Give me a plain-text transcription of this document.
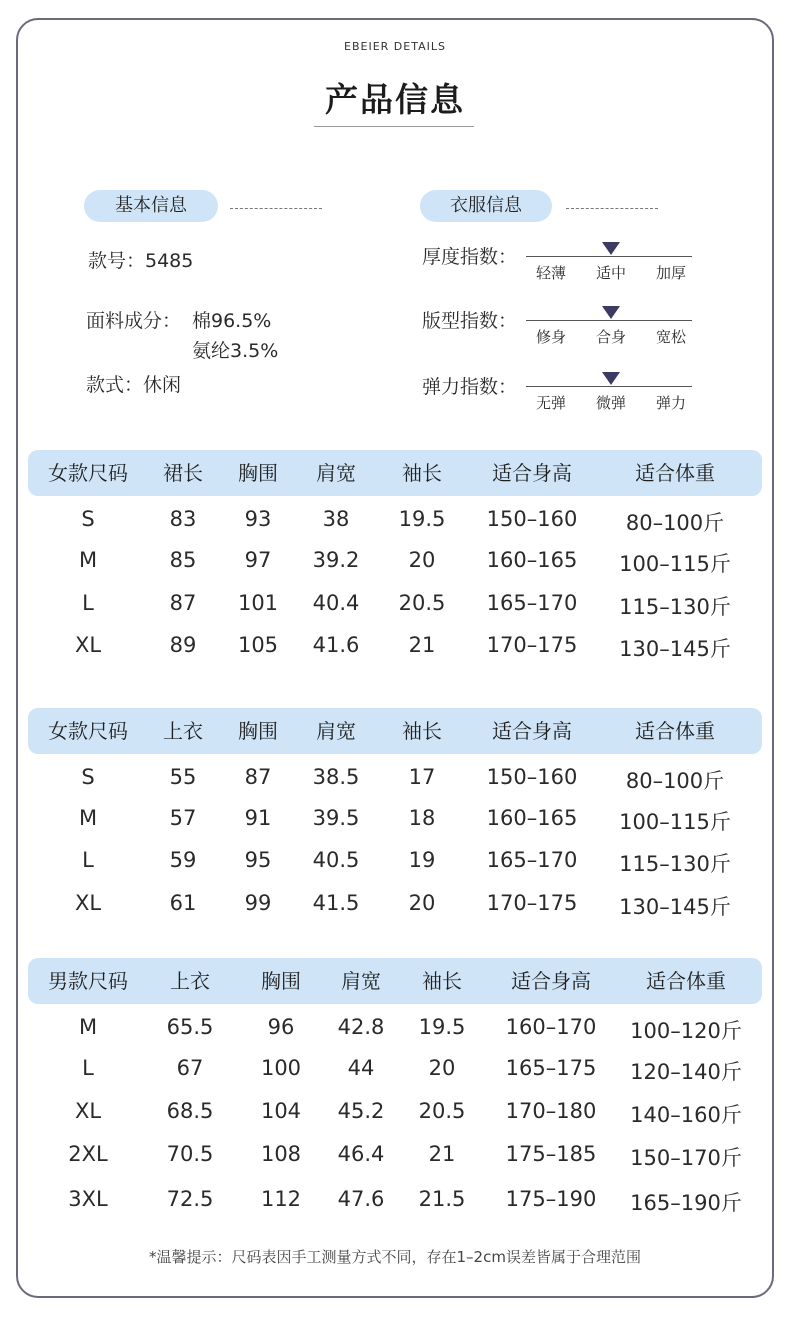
EBEIER DETAILS
产品信息
基本信息
款号：5485
面料成分： 棉96.5%
氨纶3.5%
款式：休闲
衣服信息
厚度指数：
轻薄	适中	加厚
版型指数：
修身	合身	宽松
弹力指数：
无弹	微弹	弹力
女款尺码 裙长 胸围 肩宽 袖长	适合身高	适合体重
S	83 93 38 19.5 150–160 80–100斤
M	85 97 39.2 20 160–165 100–115斤
L	87 101 40.4 20.5 165–170 115–130斤
XL	89 105 41.6 21 170–175 130–145斤
女款尺码 上衣 胸围 肩宽 袖长	适合身高	适合体重
S	55 87 38.5 17 150–160 80–100斤
M	57 91 39.5 18 160–165 100–115斤
L	59 95 40.5 19 165–170 115–130斤
XL	61 99 41.5 20 170–175 130–145斤
男款尺码 上衣	胸围 肩宽 袖长 适合身高	适合体重
M	65.5	96 42.8 19.5 160–170 100–120斤
L	67	100 44	20 165–175 120–140斤
XL	68.5 104 45.2 20.5 170–180 140–160斤
2XL	70.5 108 46.4 21 175–185 150–170斤
3XL	72.5 112 47.6 21.5 175–190 165–190斤
*温馨提示：尺码表因手工测量方式不同，存在1–2cm误差皆属于合理范围
